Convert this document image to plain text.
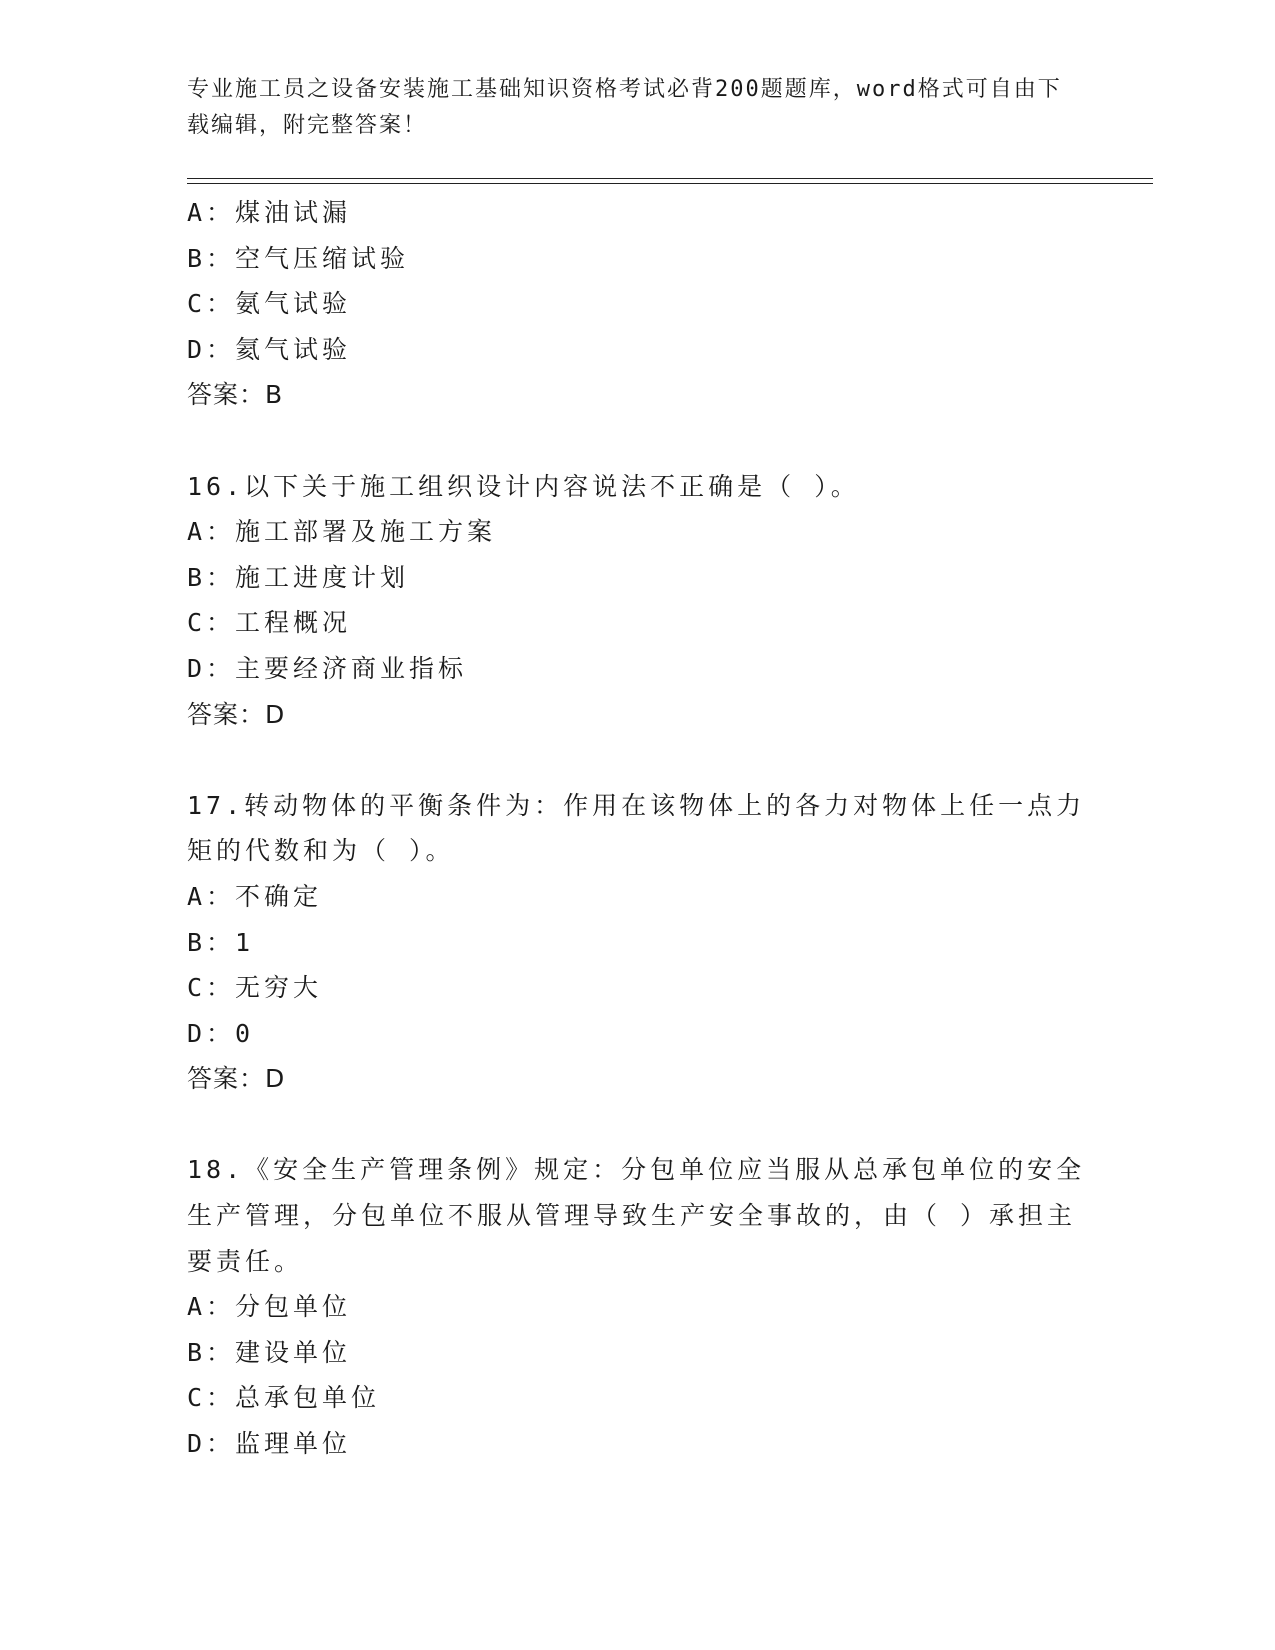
专业施工员之设备安装施工基础知识资格考试必背200题题库，word格式可自由下载编辑，附完整答案！
A：煤油试漏
B：空气压缩试验
C：氨气试验
D：氦气试验
答案：B
16.以下关于施工组织设计内容说法不正确是（ ）。
A：施工部署及施工方案
B：施工进度计划
C：工程概况
D：主要经济商业指标
答案：D
17.转动物体的平衡条件为：作用在该物体上的各力对物体上任一点力
矩的代数和为（ ）。
A：不确定
B：1
C：无穷大
D：0
答案：D
18.《安全生产管理条例》规定：分包单位应当服从总承包单位的安全
生产管理，分包单位不服从管理导致生产安全事故的，由（ ）承担主
要责任。
A：分包单位
B：建设单位
C：总承包单位
D：监理单位
